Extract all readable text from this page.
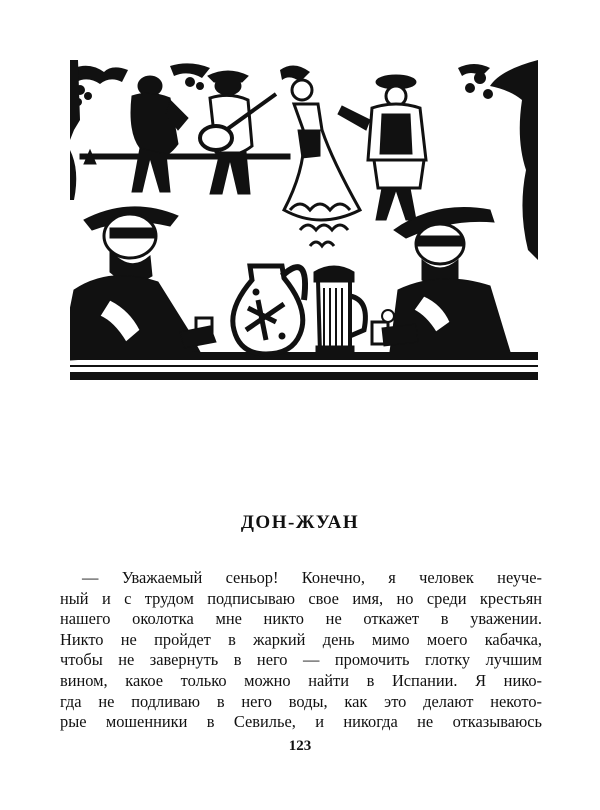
ДОН-ЖУАН
— Уважаемый сеньор! Конечно, я человек неуче-
ный и с трудом подписываю свое имя, но среди крестьян
нашего околотка мне никто не откажет в уважении.
Никто не пройдет в жаркий день мимо моего кабачка,
чтобы не завернуть в него — промочить глотку лучшим
вином, какое только можно найти в Испании. Я нико-
гда не подливаю в него воды, как это делают некото-
рые мошенники в Севилье, и никогда не отказываюсь
123
